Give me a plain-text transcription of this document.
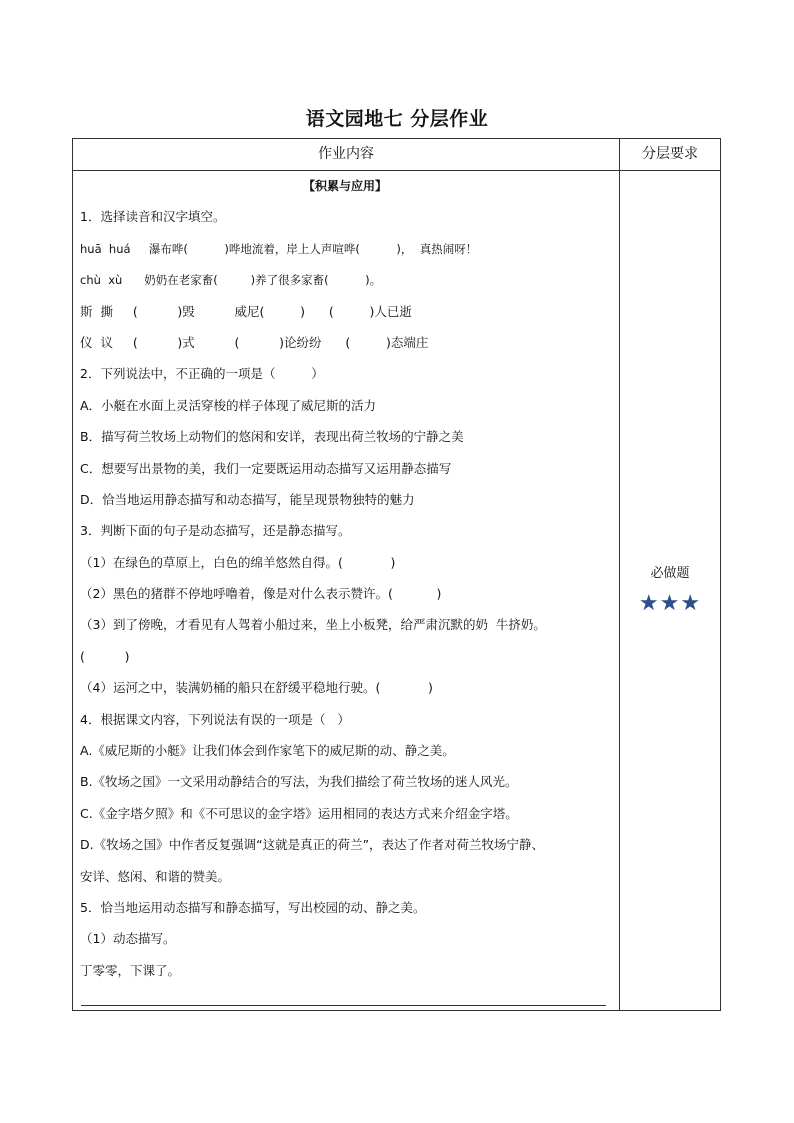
语文园地七 分层作业
作业内容	分层要求
【积累与应用】
1．选择读音和汉字填空。
huā  huá     瀑布哗(          )哗地流着，岸上人声喧哗(          )，  真热闹呀！
chù  xù      奶奶在老家畜(         )养了很多家畜(          )。
斯  撕     (          )毁          威尼(         )      (         )人已逝
仪  议     (          )式          (          )论纷纷      (         )态端庄
2．下列说法中，不正确的一项是（         ）
A．小艇在水面上灵活穿梭的样子体现了威尼斯的活力
B．描写荷兰牧场上动物们的悠闲和安详，表现出荷兰牧场的宁静之美
C．想要写出景物的美，我们一定要既运用动态描写又运用静态描写
D．恰当地运用静态描写和动态描写，能呈现景物独特的魅力
3．判断下面的句子是动态描写，还是静态描写。
（1）在绿色的草原上，白色的绵羊悠然自得。(            )
（2）黑色的猪群不停地呼噜着，像是对什么表示赞许。(           )
（3）到了傍晚，才看见有人驾着小船过来，坐上小板凳，给严肃沉默的奶  牛挤奶。
(          )
（4）运河之中，装满奶桶的船只在舒缓平稳地行驶。(            )
4．根据课文内容，下列说法有误的一项是（   ）
A.《威尼斯的小艇》让我们体会到作家笔下的威尼斯的动、静之美。
B.《牧场之国》一文采用动静结合的写法，为我们描绘了荷兰牧场的迷人风光。
C.《金字塔夕照》和《不可思议的金字塔》运用相同的表达方式来介绍金字塔。
D.《牧场之国》中作者反复强调“这就是真正的荷兰”，表达了作者对荷兰牧场宁静、
安详、悠闲、和谐的赞美。
5．恰当地运用动态描写和静态描写，写出校园的动、静之美。
（1）动态描写。
丁零零，下课了。
必做题
★★★
